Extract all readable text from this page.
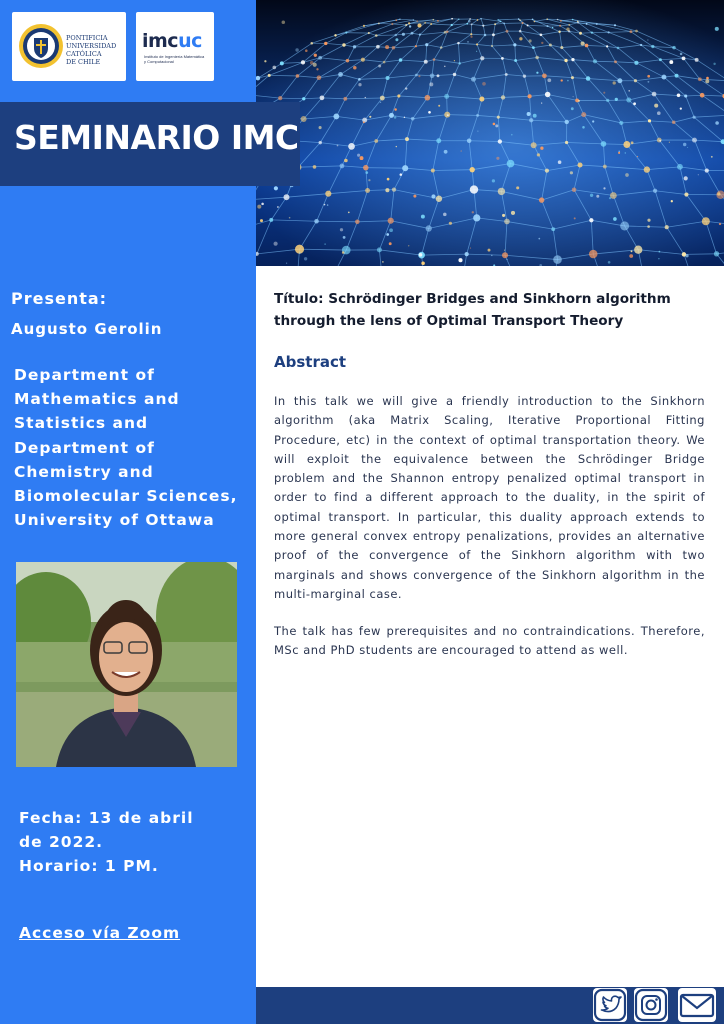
PONTIFICIA
UNIVERSIDAD
CATÓLICA
DE CHILE
imcuc
Instituto de Ingeniería Matemática
y Computacional
SEMINARIO IMC
Presenta:
Augusto Gerolin
Department of
Mathematics and
Statistics and
Department of
Chemistry and
Biomolecular Sciences,
University of Ottawa
Fecha: 13 de abril
de 2022.
Horario: 1 PM.
Acceso vía Zoom
Título: Schrödinger Bridges and Sinkhorn algorithm
through the lens of Optimal Transport Theory
Abstract
In this talk we will give a friendly introduction to the Sinkhorn algorithm (aka Matrix Scaling, Iterative Proportional Fitting Procedure, etc) in the context of optimal transportation theory. We will exploit the equivalence between the Schrödinger Bridge problem and the Shannon entropy penalized optimal transport in order to find a different approach to the duality, in the spirit of optimal transport. In particular, this duality approach extends to more general convex entropy penalizations, provides an alternative proof of the convergence of the Sinkhorn algorithm with two marginals and shows convergence of the Sinkhorn algorithm in the multi-marginal case.
The talk has few prerequisites and no contraindications. Therefore, MSc and PhD students are encouraged to attend as well.
